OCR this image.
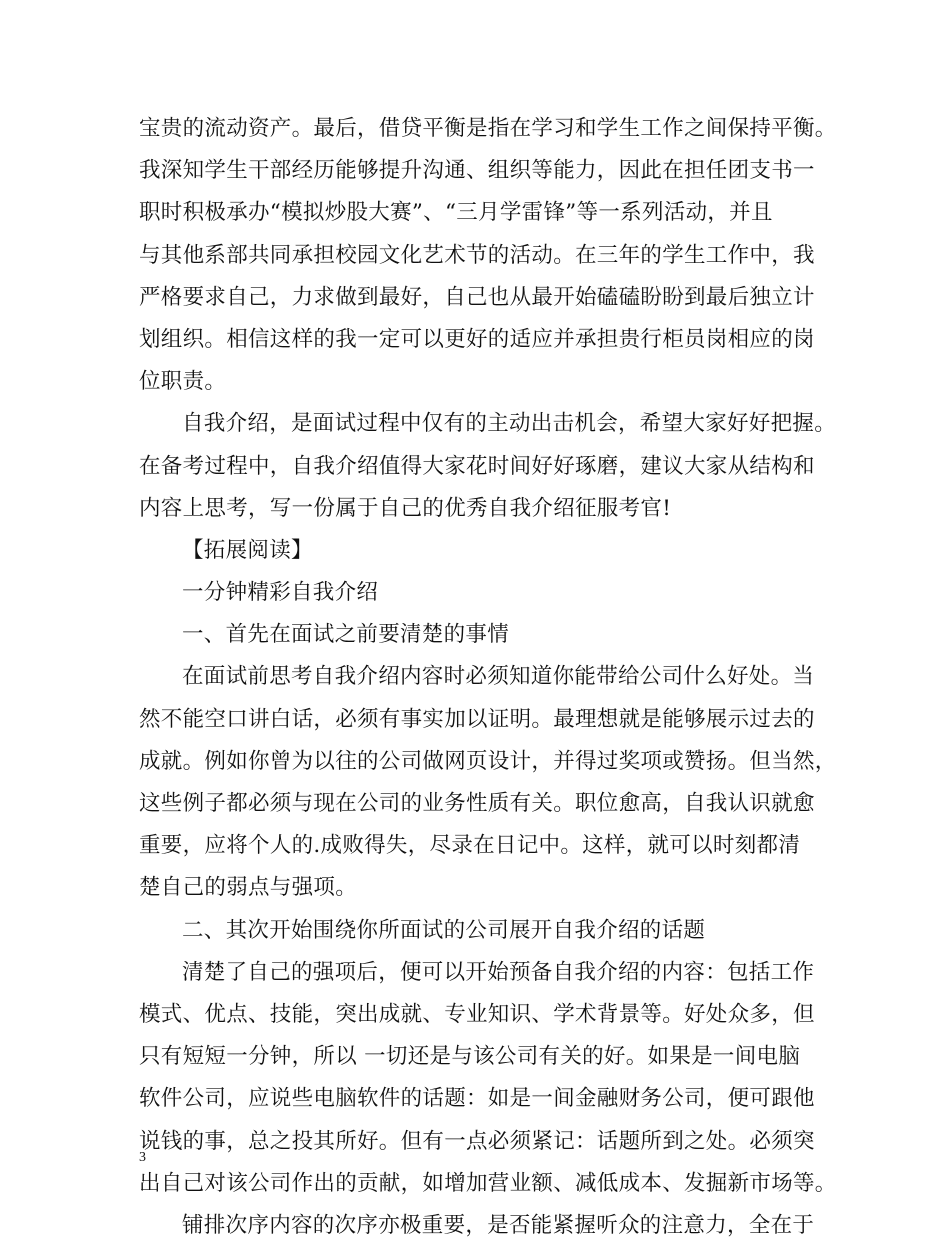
宝贵的流动资产。最后，借贷平衡是指在学习和学生工作之间保持平衡。
我深知学生干部经历能够提升沟通、组织等能力，因此在担任团支书一
职时积极承办“模拟炒股大赛”、“三月学雷锋”等一系列活动，并且
与其他系部共同承担校园文化艺术节的活动。在三年的学生工作中，我
严格要求自己，力求做到最好，自己也从最开始磕磕盼盼到最后独立计
划组织。相信这样的我一定可以更好的适应并承担贵行柜员岗相应的岗
位职责。
自我介绍，是面试过程中仅有的主动出击机会，希望大家好好把握。
在备考过程中，自我介绍值得大家花时间好好琢磨，建议大家从结构和
内容上思考，写一份属于自己的优秀自我介绍征服考官!
【拓展阅读】
一分钟精彩自我介绍
一、首先在面试之前要清楚的事情
在面试前思考自我介绍内容时必须知道你能带给公司什么好处。当
然不能空口讲白话，必须有事实加以证明。最理想就是能够展示过去的
成就。例如你曾为以往的公司做网页设计，并得过奖项或赞扬。但当然，
这些例子都必须与现在公司的业务性质有关。职位愈高，自我认识就愈
重要，应将个人的.成败得失，尽录在日记中。这样，就可以时刻都清
楚自己的弱点与强项。
二、其次开始围绕你所面试的公司展开自我介绍的话题
清楚了自己的强项后，便可以开始预备自我介绍的内容：包括工作
模式、优点、技能，突出成就、专业知识、学术背景等。好处众多，但
只有短短一分钟，所以 一切还是与该公司有关的好。如果是一间电脑
软件公司，应说些电脑软件的话题：如是一间金融财务公司，便可跟他
说钱的事，总之投其所好。但有一点必须紧记：话题所到之处。必须突
出自己对该公司作出的贡献，如增加营业额、减低成本、发掘新市场等。
铺排次序内容的次序亦极重要，是否能紧握听众的注意力，全在于
3
